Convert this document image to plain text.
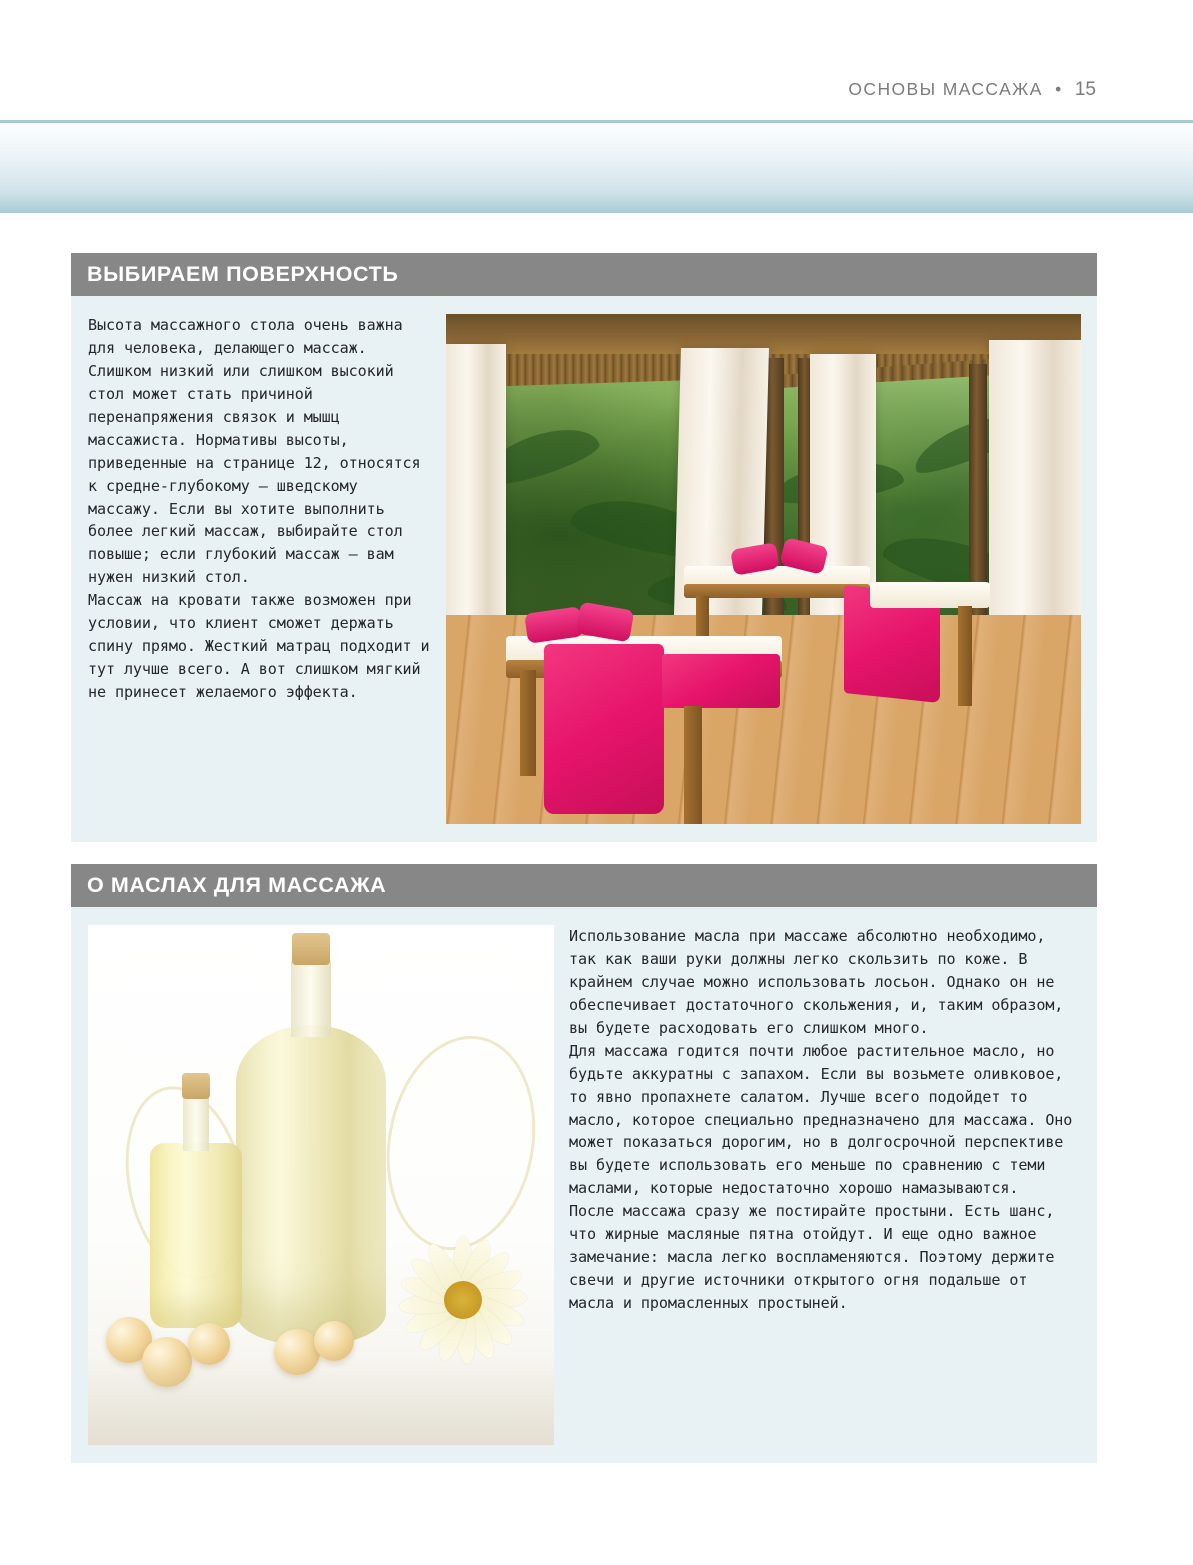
ОСНОВЫ МАССАЖА • 15
ВЫБИРАЕМ ПОВЕРХНОСТЬ

Высота массажного стола очень важна для человека, делающего массаж. Слишком низкий или слишком высокий стол может стать причиной перенапряжения связок и мышц массажиста. Нормативы высоты, приведенные на странице 12, относятся к средне-глубокому – шведскому массажу. Если вы хотите выполнить более легкий массаж, выбирайте стол повыше; если глубокий массаж – вам нужен низкий стол.

Массаж на кровати также возможен при условии, что клиент сможет держать спину прямо. Жесткий матрац подходит и тут лучше всего. А вот слишком мягкий не принесет желаемого эффекта.

О МАСЛАХ ДЛЯ МАССАЖА

Использование масла при массаже абсолютно необходимо, так как ваши руки должны легко скользить по коже. В крайнем случае можно использовать лосьон. Однако он не обеспечивает достаточного скольжения, и, таким образом, вы будете расходовать его слишком много.

Для массажа годится почти любое растительное масло, но будьте аккуратны с запахом. Если вы возьмете оливковое, то явно пропахнете салатом. Лучше всего подойдет то масло, которое специально предназначено для массажа. Оно может показаться дорогим, но в долгосрочной перспективе вы будете использовать его меньше по сравнению с теми маслами, которые недостаточно хорошо намазываются.

После массажа сразу же постирайте простыни. Есть шанс, что жирные масляные пятна отойдут. И еще одно важное замечание: масла легко воспламеняются. Поэтому держите свечи и другие источники открытого огня подальше от масла и промасленных простыней.
